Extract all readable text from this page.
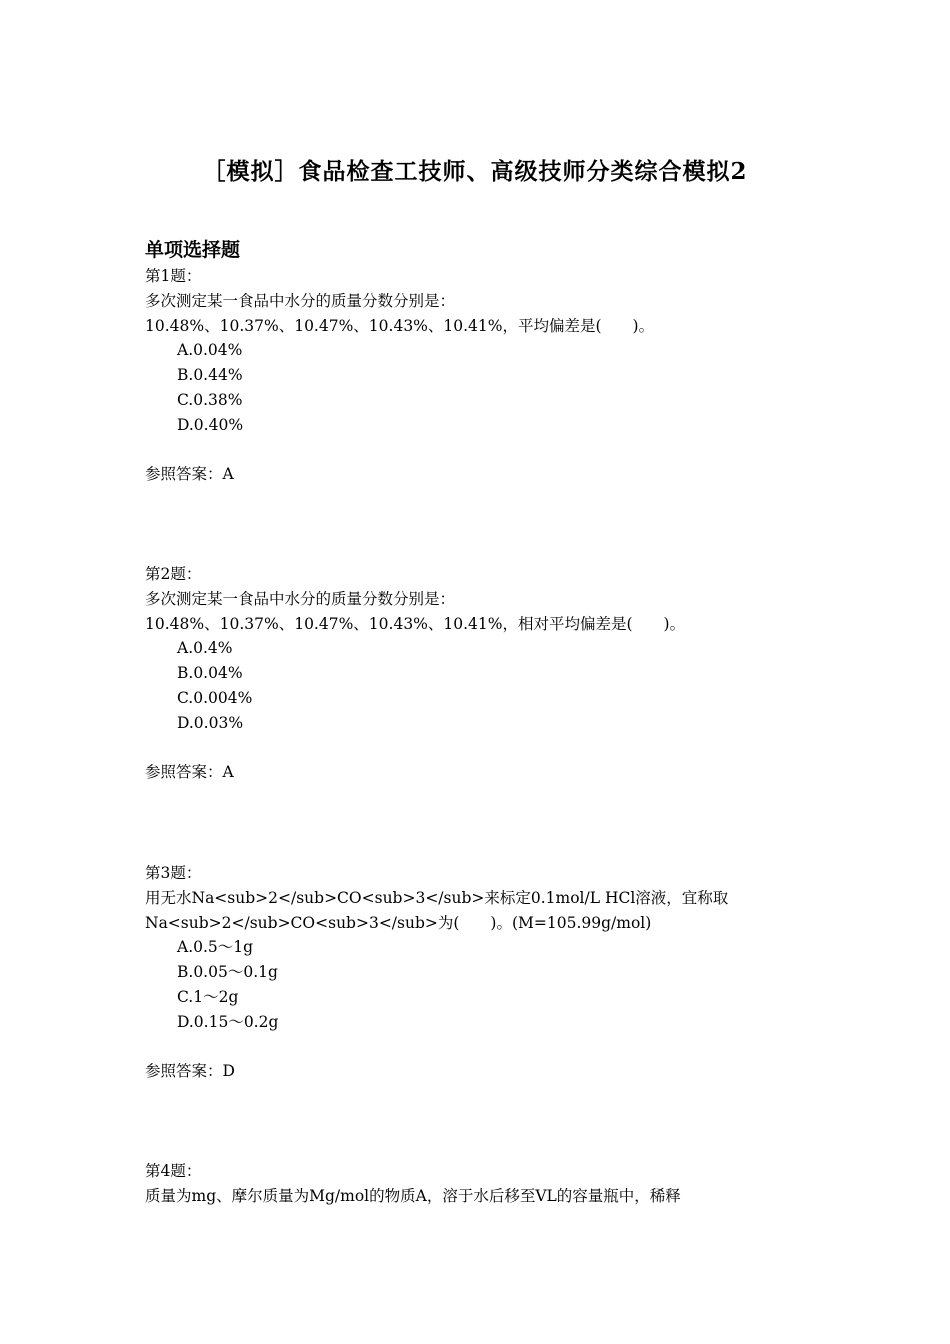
［模拟］食品检查工技师、高级技师分类综合模拟2
单项选择题
第1题：
多次测定某一食品中水分的质量分数分别是：
10.48%、10.37%、10.47%、10.43%、10.41%，平均偏差是(　　)。
A.0.04%
B.0.44%
C.0.38%
D.0.40%
参照答案：A
第2题：
多次测定某一食品中水分的质量分数分别是：
10.48%、10.37%、10.47%、10.43%、10.41%，相对平均偏差是(　　)。
A.0.4%
B.0.04%
C.0.004%
D.0.03%
参照答案：A
第3题：
用无水Na<sub>2</sub>CO<sub>3</sub>来标定0.1mol/L HCl溶液，宜称取
Na<sub>2</sub>CO<sub>3</sub>为(　　)。(M=105.99g/mol)
A.0.5～1g
B.0.05～0.1g
C.1～2g
D.0.15～0.2g
参照答案：D
第4题：
质量为mg、摩尔质量为Mg/mol的物质A，溶于水后移至VL的容量瓶中，稀释
